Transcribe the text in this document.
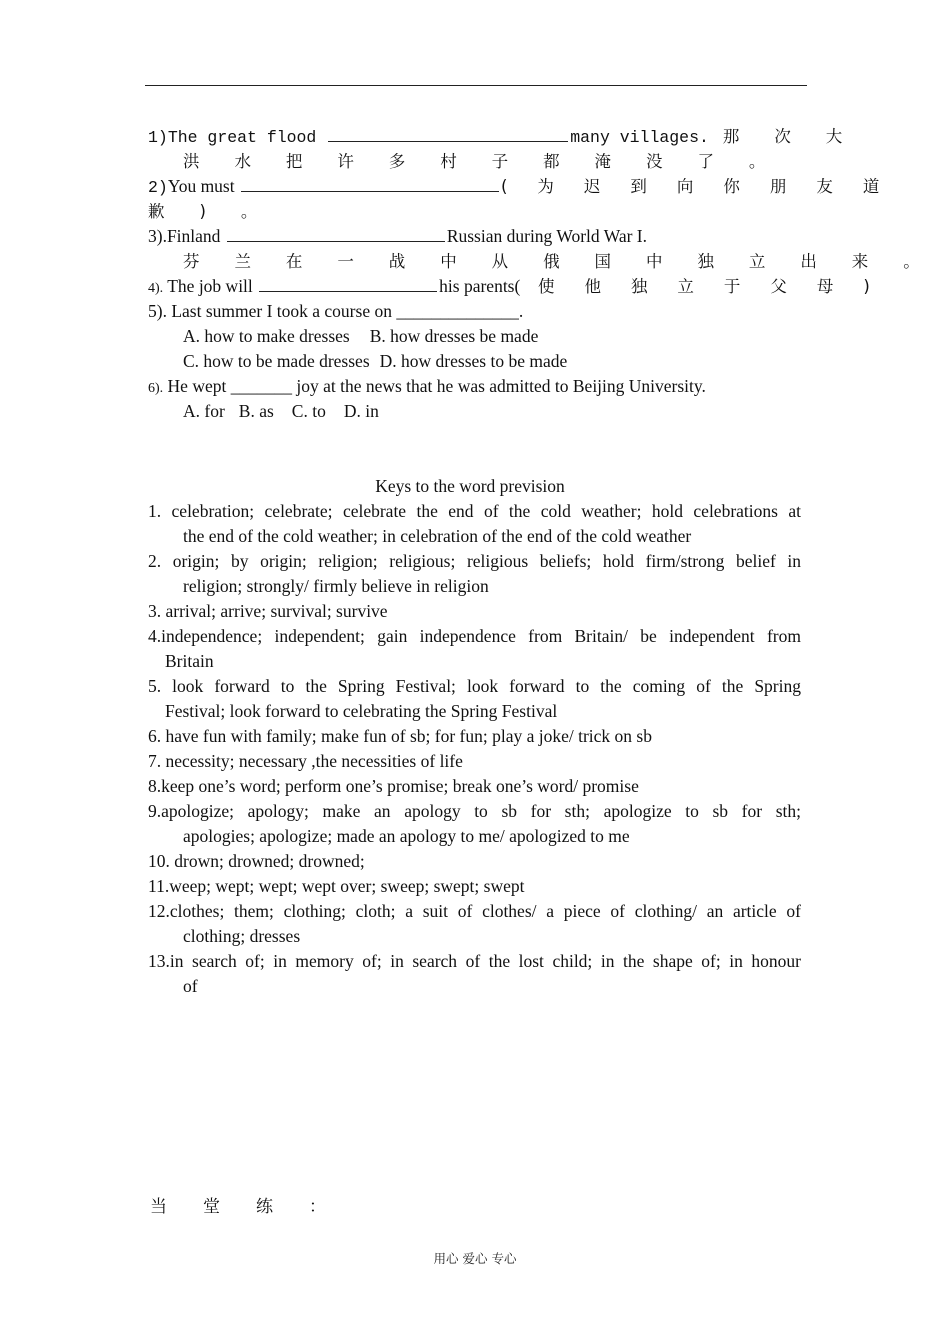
1)The great flood	many villages. 那 次 大
洪 水 把 许 多 村 子 都 淹 没 了 。
2)You must	( 为 迟 到 向 你 朋 友 道
歉 ) 。
3).Finland	Russian during World War I.
芬 兰 在 一 战 中 从 俄 国 中 独 立 出 来 。
4). The job will	his parents( 使 他 独 立 于 父 母 )
5). Last summer I took a course on ______________.
A. how to make dresses B. how dresses be made
C. how to be made dresses D. how dresses to be made
6). He wept _______ joy at the news that he was admitted to Beijing University.
A. for B. as C. to D. in
Keys to the word prevision
1. celebration; celebrate; celebrate the end of the cold weather; hold celebrations at
the end of the cold weather; in celebration of the end of the cold weather
2. origin; by origin; religion; religious; religious beliefs; hold firm/strong belief in
religion; strongly/ firmly believe in religion
3. arrival; arrive; survival; survive
4.independence; independent; gain independence from Britain/ be independent from
Britain
5. look forward to the Spring Festival; look forward to the coming of the Spring
Festival; look forward to celebrating the Spring Festival
6. have fun with family; make fun of sb; for fun; play a joke/ trick on sb
7. necessity; necessary ,the necessities of life
8.keep one’s word; perform one’s promise; break one’s word/ promise
9.apologize; apology; make an apology to sb for sth; apologize to sb for sth;
apologies; apologize; made an apology to me/ apologized to me
10. drown; drowned; drowned;
11.weep; wept; wept; wept over; sweep; swept; swept
12.clothes; them; clothing; cloth; a suit of clothes/ a piece of clothing/ an article of
clothing; dresses
13.in search of; in memory of; in search of the lost child; in the shape of; in honour
of
当 堂 练 ：
用心 爱心 专心
